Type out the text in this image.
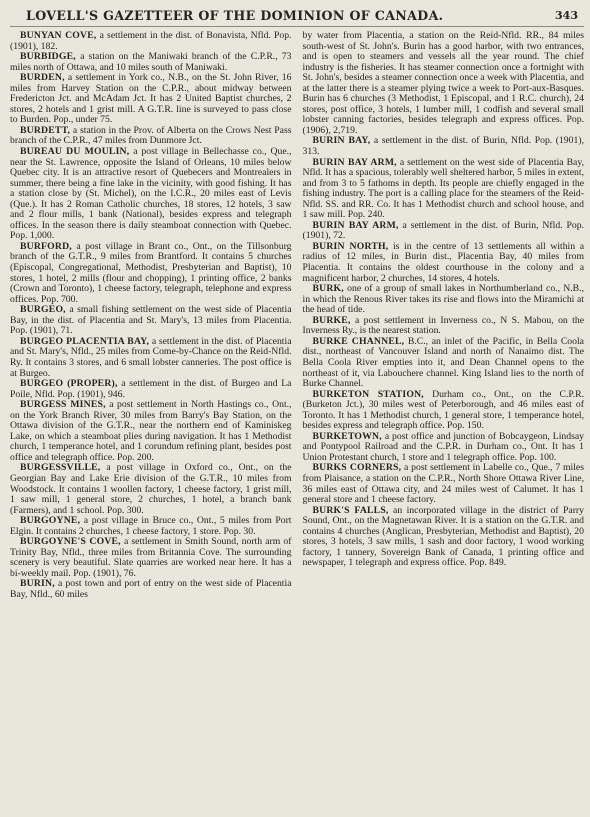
LOVELL'S GAZETTEER OF THE DOMINION OF CANADA.	343

BUNYAN COVE, a settlement in the dist. of Bonavista, Nfld. Pop. (1901), 182.

BURBIDGE, a station on the Maniwaki branch of the C.P.R., 73 miles north of Ottawa, and 10 miles south of Maniwaki.

BURDEN, a settlement in York co., N.B., on the St. John River, 16 miles from Harvey Station on the C.P.R., about midway between Fredericton Jct. and McAdam Jct. It has 2 United Baptist churches, 2 stores, 2 hotels and 1 grist mill. A G.T.R. line is surveyed to pass close to Burden. Pop., under 75.

BURDETT, a station in the Prov. of Alberta on the Crows Nest Pass branch of the C.P.R., 47 miles from Dunmore Jct.

BUREAU DU MOULIN, a post village in Bellechasse co., Que., near the St. Lawrence, opposite the Island of Orleans, 10 miles below Quebec city. It is an attractive resort of Quebecers and Montrealers in summer, there being a fine lake in the vicinity, with good fishing. It has a station close by (St. Michel), on the I.C.R., 20 miles east of Levis (Que.). It has 2 Roman Catholic churches, 18 stores, 12 hotels, 3 saw and 2 flour mills, 1 bank (National), besides express and telegraph offices. In the season there is daily steamboat connection with Quebec. Pop. 1,000.

BURFORD, a post village in Brant co., Ont., on the Tillsonburg branch of the G.T.R., 9 miles from Brantford. It contains 5 churches (Episcopal, Congregational, Methodist, Presbyterian and Baptist), 10 stores, 1 hotel, 2 mills (flour and chopping), 1 printing office, 2 banks (Crown and Toronto), 1 cheese factory, telegraph, telephone and express offices. Pop. 700.

BURGEO, a small fishing settlement on the west side of Placentia Bay, in the dist. of Placentia and St. Mary's, 13 miles from Placentia. Pop. (1901), 71.

BURGEO PLACENTIA BAY, a settlement in the dist. of Placentia and St. Mary's, Nfld., 25 miles from Come-by-Chance on the Reid-Nfld. Ry. It contains 3 stores, and 6 small lobster canneries. The post office is at Burgeo.

BURGEO (PROPER), a settlement in the dist. of Burgeo and La Poile, Nfld. Pop. (1901), 946.

BURGESS MINES, a post settlement in North Hastings co., Ont., on the York Branch River, 30 miles from Barry's Bay Station, on the Ottawa division of the G.T.R., near the northern end of Kaminiskeg Lake, on which a steamboat plies during navigation. It has 1 Methodist church, 1 temperance hotel, and 1 corundum refining plant, besides post office and telegraph office. Pop. 200.

BURGESSVILLE, a post village in Oxford co., Ont., on the Georgian Bay and Lake Erie division of the G.T.R., 10 miles from Woodstock. It contains 1 woollen factory, 1 cheese factory, 1 grist mill, 1 saw mill, 1 general store, 2 churches, 1 hotel, a branch bank (Farmers), and 1 school. Pop. 300.

BURGOYNE, a post village in Bruce co., Ont., 5 miles from Port Elgin. It contains 2 churches, 1 cheese factory, 1 store. Pop. 30.

BURGOYNE'S COVE, a settlement in Smith Sound, north arm of Trinity Bay, Nfld., three miles from Britannia Cove. The surrounding scenery is very beautiful. Slate quarries are worked near here. It has a bi-weekly mail. Pop. (1901), 76.

BURIN, a post town and port of entry on the west side of Placentia Bay, Nfld., 60 miles

by water from Placentia, a station on the Reid-Nfld. RR., 84 miles south-west of St. John's. Burin has a good harbor, with two entrances, and is open to steamers and vessels all the year round. The chief industry is the fisheries. It has steamer connection once a fortnight with St. John's, besides a steamer connection once a week with Placentia, and at the latter there is a steamer plying twice a week to Port-aux-Basques. Burin has 6 churches (3 Methodist, 1 Episcopal, and 1 R.C. church), 24 stores, post office, 3 hotels, 1 lumber mill, 1 codfish and several small lobster canning factories, besides telegraph and express offices. Pop. (1906), 2,719.

BURIN BAY, a settlement in the dist. of Burin, Nfld. Pop. (1901), 313.

BURIN BAY ARM, a settlement on the west side of Placentia Bay, Nfld. It has a spacious, tolerably well sheltered harbor, 5 miles in extent, and from 3 to 5 fathoms in depth. Its people are chiefly engaged in the fishing industry. The port is a calling place for the steamers of the Reid-Nfld. SS. and RR. Co. It has 1 Methodist church and school house, and 1 saw mill. Pop. 240.

BURIN BAY ARM, a settlement in the dist. of Burin, Nfld. Pop. (1901), 72.

BURIN NORTH, is in the centre of 13 settlements all within a radius of 12 miles, in Burin dist., Placentia Bay, 40 miles from Placentia. It contains the oldest courthouse in the colony and a magnificent harbor, 2 churches, 14 stores, 4 hotels.

BURK, one of a group of small lakes in Northumberland co., N.B., in which the Renous River takes its rise and flows into the Miramichi at the head of tide.

BURKE, a post settlement in Inverness co., N S. Mabou, on the Inverness Ry., is the nearest station.

BURKE CHANNEL, B.C., an inlet of the Pacific, in Bella Coola dist., northeast of Vancouver Island and north of Nanaimo dist. The Bella Coola River empties into it, and Dean Channel opens to the northeast of it, via Labouchere channel. King Island lies to the north of Burke Channel.

BURKETON STATION, Durham co., Ont., on the C.P.R. (Burketon Jct.), 30 miles west of Peterborough, and 46 miles east of Toronto. It has 1 Methodist church, 1 general store, 1 temperance hotel, besides express and telegraph office. Pop. 150.

BURKETOWN, a post office and junction of Bobcaygeon, Lindsay and Pontypool Railroad and the C.P.R. in Durham co., Ont. It has 1 Union Protestant church, 1 store and 1 telegraph office. Pop. 100.

BURKS CORNERS, a post settlement in Labelle co., Que., 7 miles from Plaisance, a station on the C.P.R., North Shore Ottawa River Line, 36 miles east of Ottawa city, and 24 miles west of Calumet. It has 1 general store and 1 cheese factory.

BURK'S FALLS, an incorporated village in the district of Parry Sound, Ont., on the Magnetawan River. It is a station on the G.T.R. and contains 4 churches (Anglican, Presbyterian, Methodist and Baptist), 20 stores, 3 hotels, 3 saw mills, 1 sash and door factory, 1 wood working factory, 1 tannery, Sovereign Bank of Canada, 1 printing office and newspaper, 1 telegraph and express office. Pop. 849.
